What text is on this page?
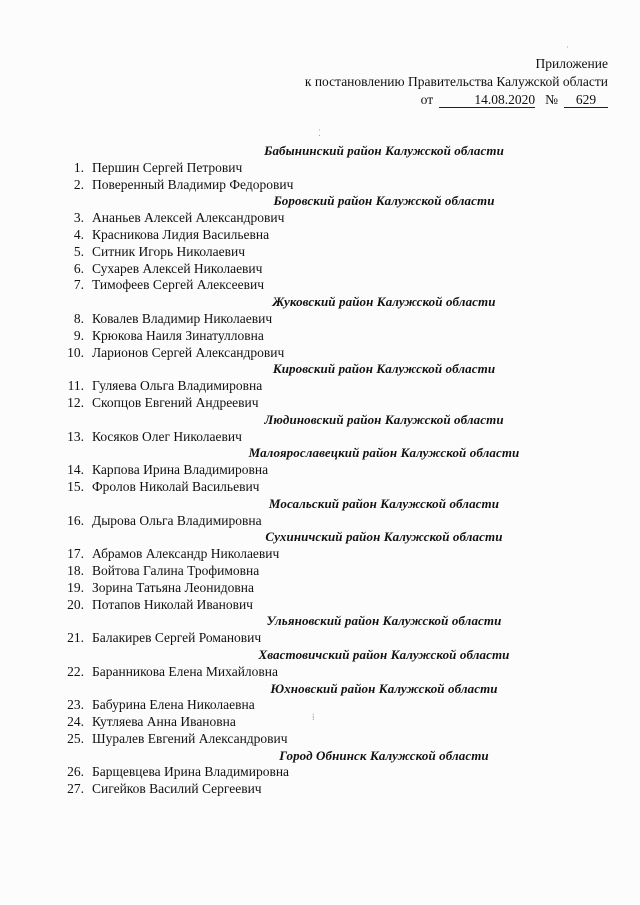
Приложение
к постановлению Правительства Калужской области
от	14.08.2020 № 629
⁚
⁞
·
Бабынинский район Калужской области
1. Першин Сергей Петрович
2. Поверенный Владимир Федорович
Боровский район Калужской области
3. Ананьев Алексей Александрович
4. Красникова Лидия Васильевна
5. Ситник Игорь Николаевич
6. Сухарев Алексей Николаевич
7. Тимофеев Сергей Алексеевич
Жуковский район Калужской области
8. Ковалев Владимир Николаевич
9. Крюкова Наиля Зинатулловна
10. Ларионов Сергей Александрович
Кировский район Калужской области
11. Гуляева Ольга Владимировна
12. Скопцов Евгений Андреевич
Людиновский район Калужской области
13. Косяков Олег Николаевич
Малоярославецкий район Калужской области
14. Карпова Ирина Владимировна
15. Фролов Николай Васильевич
Мосальский район Калужской области
16. Дырова Ольга Владимировна
Сухиничский район Калужской области
17. Абрамов Александр Николаевич
18. Войтова Галина Трофимовна
19. Зорина Татьяна Леонидовна
20. Потапов Николай Иванович
Ульяновский район Калужской области
21. Балакирев Сергей Романович
Хвастовичский район Калужской области
22. Баранникова Елена Михайловна
Юхновский район Калужской области
23. Бабурина Елена Николаевна
24. Кутляева Анна Ивановна
25. Шуралев Евгений Александрович
Город Обнинск Калужской области
26. Барщевцева Ирина Владимировна
27. Сигейков Василий Сергеевич
